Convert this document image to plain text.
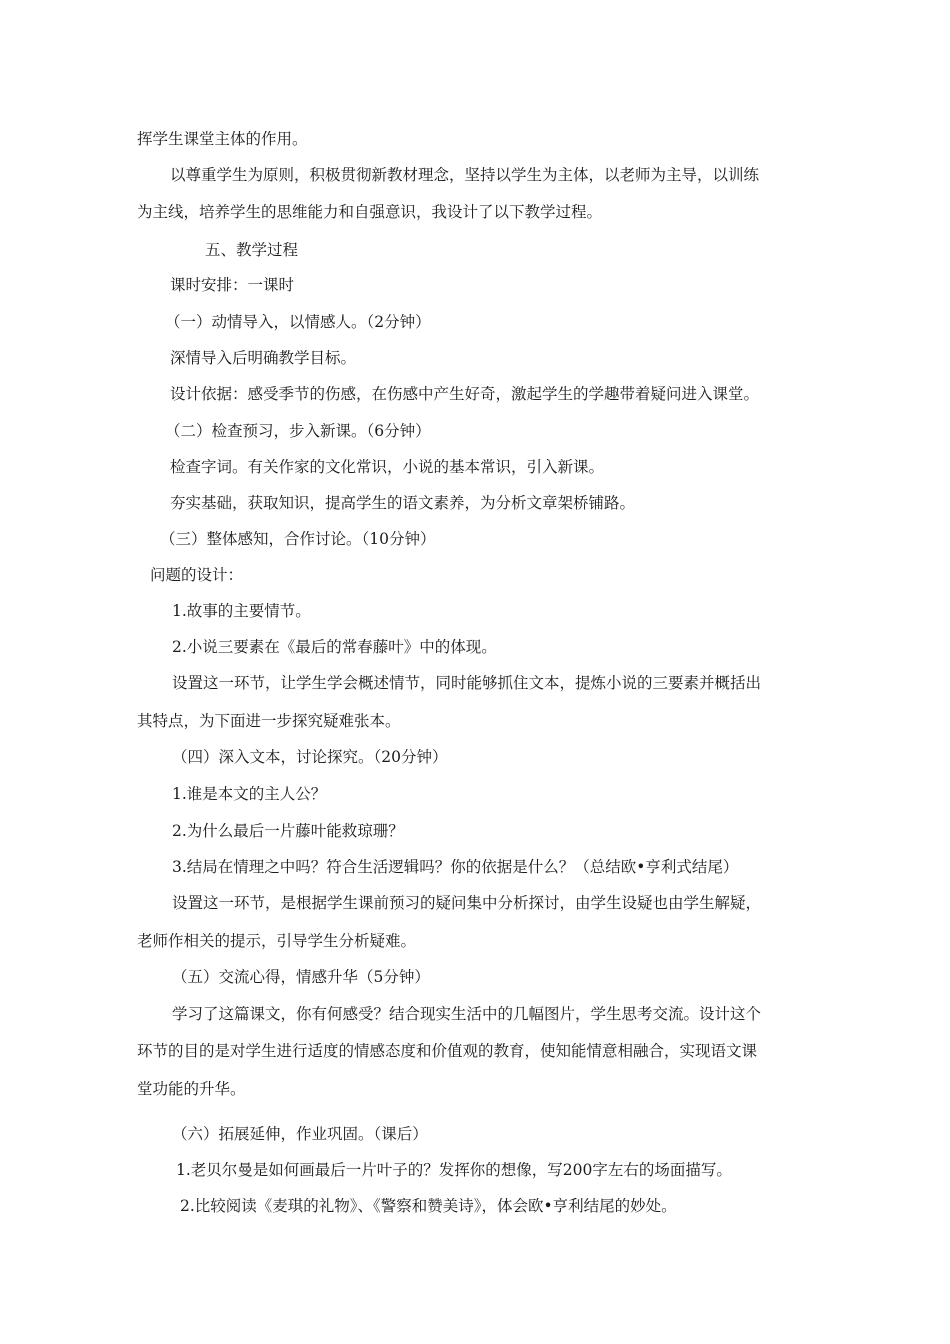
挥学生课堂主体的作用。
以尊重学生为原则，积极贯彻新教材理念，坚持以学生为主体，以老师为主导，以训练
为主线，培养学生的思维能力和自强意识，我设计了以下教学过程。
五、教学过程
课时安排：一课时
（一）动情导入，以情感人。（2分钟）
深情导入后明确教学目标。
设计依据：感受季节的伤感，在伤感中产生好奇，激起学生的学趣带着疑问进入课堂。
（二）检查预习，步入新课。（6分钟）
检查字词。有关作家的文化常识，小说的基本常识，引入新课。
夯实基础，获取知识，提高学生的语文素养，为分析文章架桥铺路。
（三）整体感知，合作讨论。（10分钟）
问题的设计：
1.故事的主要情节。
2.小说三要素在《最后的常春藤叶》中的体现。
设置这一环节，让学生学会概述情节，同时能够抓住文本，提炼小说的三要素并概括出
其特点，为下面进一步探究疑难张本。
（四）深入文本，讨论探究。（20分钟）
1.谁是本文的主人公？
2.为什么最后一片藤叶能救琼珊？
3.结局在情理之中吗？符合生活逻辑吗？你的依据是什么？（总结欧•亨利式结尾）
设置这一环节，是根据学生课前预习的疑问集中分析探讨，由学生设疑也由学生解疑，
老师作相关的提示，引导学生分析疑难。
（五）交流心得，情感升华（5分钟）
学习了这篇课文，你有何感受？结合现实生活中的几幅图片，学生思考交流。设计这个
环节的目的是对学生进行适度的情感态度和价值观的教育，使知能情意相融合，实现语文课
堂功能的升华。
（六）拓展延伸，作业巩固。（课后）
1.老贝尔曼是如何画最后一片叶子的？发挥你的想像，写200字左右的场面描写。
2.比较阅读《麦琪的礼物》、《警察和赞美诗》，体会欧•亨利结尾的妙处。
